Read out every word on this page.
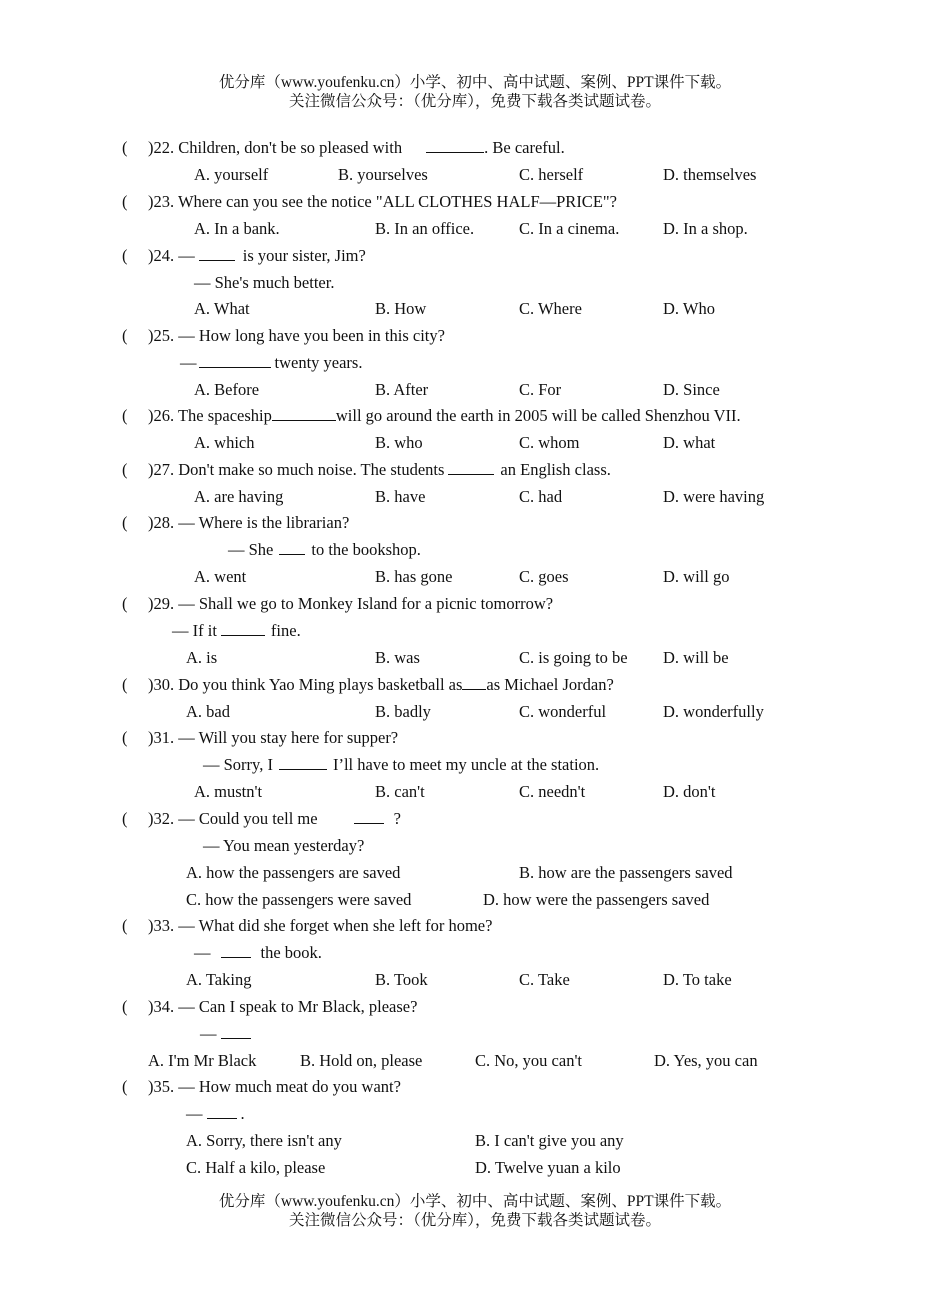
优分库（www.youfenku.cn）小学、初中、高中试题、案例、PPT课件下载。
关注微信公众号：（优分库），免费下载各类试题试卷。
( )22. Children, don't be so pleased with	. Be careful.
A. yourself	B. yourselves	C. herself	D. themselves
( )23. Where can you see the notice "ALL CLOTHES HALF—PRICE"?
A. In a bank.	B. In an office.	C. In a cinema.	D. In a shop.
( )24. —	is your sister, Jim?
— She's much better.
A. What	B. How	C. Where	D. Who
( )25. — How long have you been in this city?
—	twenty years.
A. Before	B. After	C. For	D. Since
( )26. The spaceship	will go around the earth in 2005 will be called Shenzhou VII.
A. which	B. who	C. whom	D. what
( )27. Don't make so much noise. The students	an English class.
A. are having	B. have	C. had	D. were having
( )28. — Where is the librarian?
— She to the bookshop.
A. went	B. has gone	C. goes	D. will go
( )29. — Shall we go to Monkey Island for a picnic tomorrow?
— If it	fine.
A. is	B. was	C. is going to be D. will be
( )30. Do you think Yao Ming plays basketball as as Michael Jordan?
A. bad	B. badly	C. wonderful	D. wonderfully
( )31. — Will you stay here for supper?
— Sorry, I	I’ll have to meet my uncle at the station.
A. mustn't	B. can't	C. needn't	D. don't
( )32. — Could you tell me	?
— You mean yesterday?
A. how the passengers are saved	B. how are the passengers saved
C. how the passengers were saved	D. how were the passengers saved
( )33. — What did she forget when she left for home?
—	the book.
A. Taking	B. Took	C. Take	D. To take
( )34. — Can I speak to Mr Black, please?
—
A. I'm Mr Black	B. Hold on, please	C. No, you can't	D. Yes, you can
( )35. — How much meat do you want?
— .
A. Sorry, there isn't any	B. I can't give you any
C. Half a kilo, please	D. Twelve yuan a kilo
优分库（www.youfenku.cn）小学、初中、高中试题、案例、PPT课件下载。
关注微信公众号：（优分库），免费下载各类试题试卷。
